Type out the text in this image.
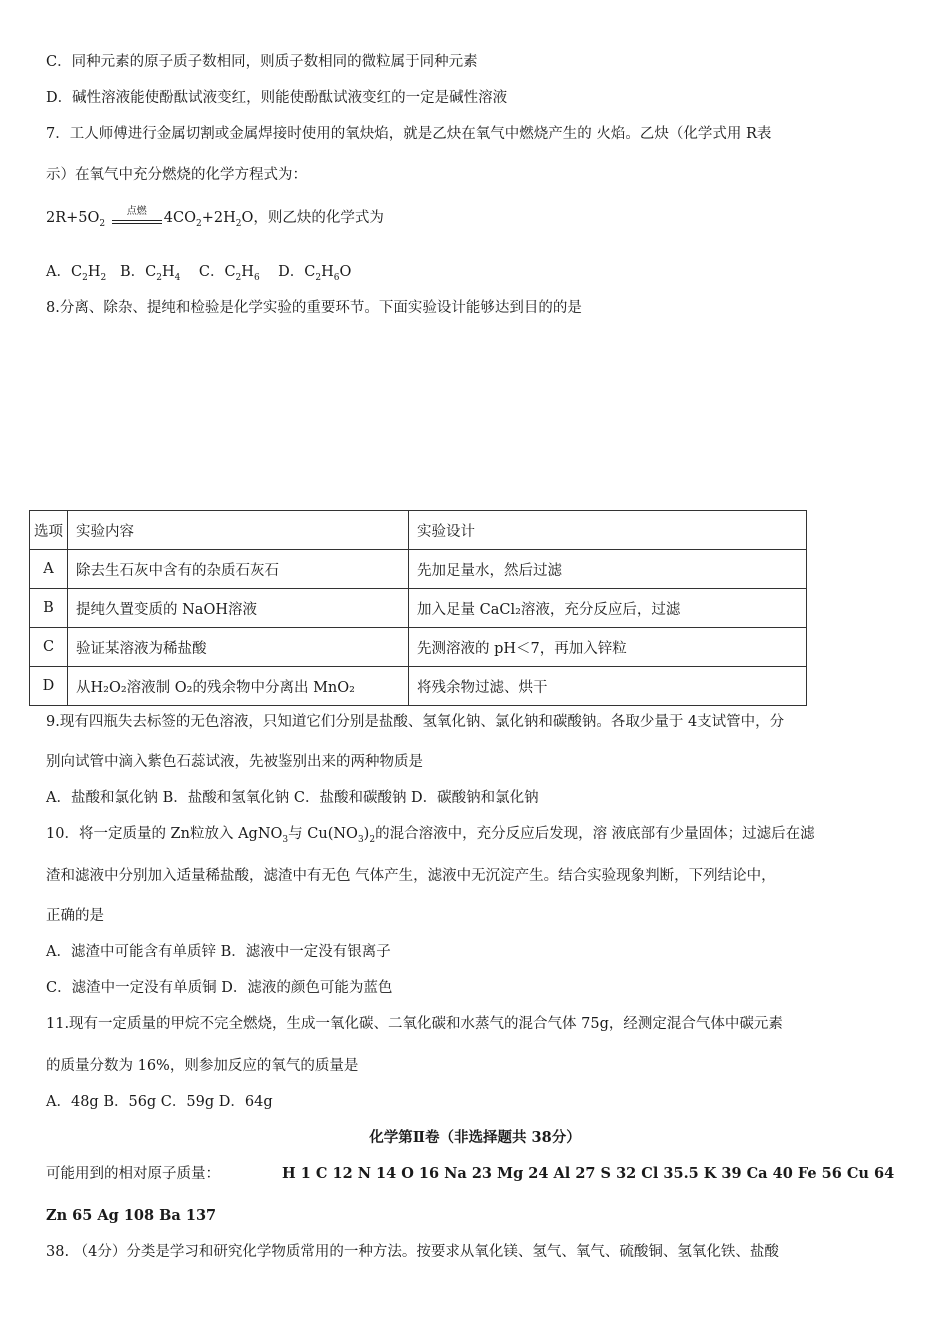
C．同种元素的原子质子数相同，则质子数相同的微粒属于同种元素
D．碱性溶液能使酚酞试液变红，则能使酚酞试液变红的一定是碱性溶液
7．工人师傅进行金属切割或金属焊接时使用的氧炔焰，就是乙炔在氧气中燃烧产生的 火焰。乙炔（化学式用 R表
示）在氧气中充分燃烧的化学方程式为：
$2R+5O_2$
点燃	$4CO_2+2H_2O$，则乙炔的化学式为
A．$C_2H_2$ B．$C_2H_4$ C．$C_2H_6$ D．$C_2H_6O$
8.分离、除杂、提纯和检验是化学实验的重要环节。下面实验设计能够达到目的的是
选项	实验内容	实验设计
A	除去生石灰中含有的杂质石灰石	先加足量水，然后过滤
B	提纯久置变质的 NaOH溶液	加入足量 CaCl₂溶液，充分反应后，过滤
C	验证某溶液为稀盐酸	先测溶液的 pH＜7，再加入锌粒
D	从H₂O₂溶液制 O₂的残余物中分离出 MnO₂	将残余物过滤、烘干
9.现有四瓶失去标签的无色溶液，只知道它们分别是盐酸、氢氧化钠、氯化钠和碳酸钠。各取少量于 4支试管中，分
别向试管中滴入紫色石蕊试液，先被鉴别出来的两种物质是
A．盐酸和氯化钠 B．盐酸和氢氧化钠 C．盐酸和碳酸钠 D．碳酸钠和氯化钠
10．将一定质量的 Zn粒放入 AgNO$_3$与 $Cu(NO_3)_2$的混合溶液中，充分反应后发现，溶 液底部有少量固体；过滤后在滤
渣和滤液中分别加入适量稀盐酸，滤渣中有无色 气体产生，滤液中无沉淀产生。结合实验现象判断，下列结论中，
正确的是
A．滤渣中可能含有单质锌 B．滤液中一定没有银离子
C．滤渣中一定没有单质铜 D．滤液的颜色可能为蓝色
11.现有一定质量的甲烷不完全燃烧，生成一氧化碳、二氧化碳和水蒸气的混合气体 75g，经测定混合气体中碳元素
的质量分数为 16%，则参加反应的氧气的质量是
A．48g B．56g C．59g D．64g
化学第Ⅱ卷（非选择题共 38分）
可能用到的相对原子质量：	H 1 C 12 N 14 O 16 Na 23 Mg 24 Al 27 S 32 Cl 35.5 K 39 Ca 40 Fe 56 Cu 64
Zn 65 Ag 108 Ba 137
38. （4分）分类是学习和研究化学物质常用的一种方法。按要求从氧化镁、氢气、氧气、硫酸铜、氢氧化铁、盐酸
